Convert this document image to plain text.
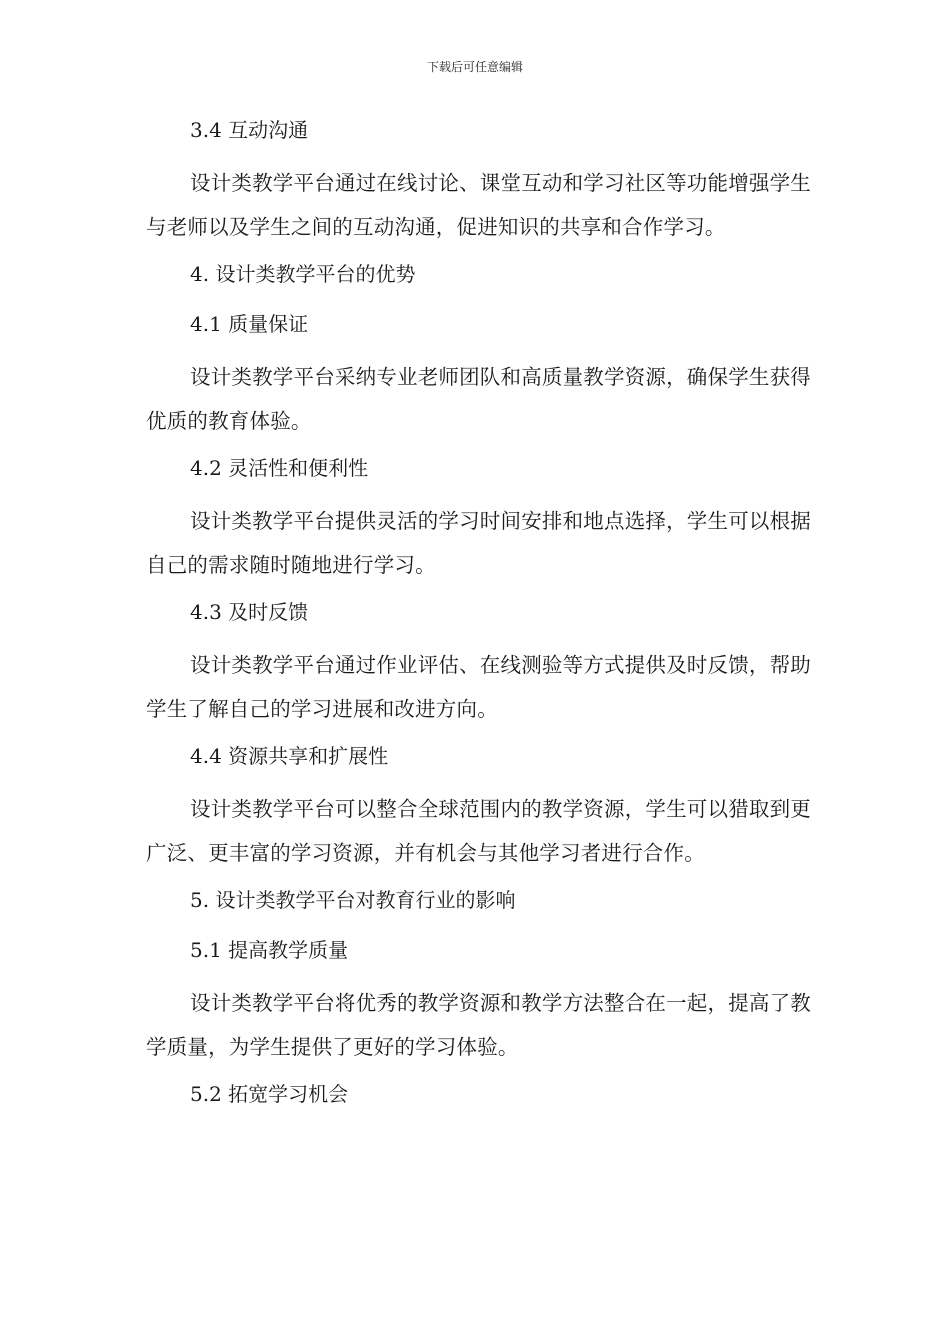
下载后可任意编辑
3.4 互动沟通
设计类教学平台通过在线讨论、课堂互动和学习社区等功能增强学生与老师以及学生之间的互动沟通，促进知识的共享和合作学习。
4. 设计类教学平台的优势
4.1 质量保证
设计类教学平台采纳专业老师团队和高质量教学资源，确保学生获得优质的教育体验。
4.2 灵活性和便利性
设计类教学平台提供灵活的学习时间安排和地点选择，学生可以根据自己的需求随时随地进行学习。
4.3 及时反馈
设计类教学平台通过作业评估、在线测验等方式提供及时反馈，帮助学生了解自己的学习进展和改进方向。
4.4 资源共享和扩展性
设计类教学平台可以整合全球范围内的教学资源，学生可以猎取到更广泛、更丰富的学习资源，并有机会与其他学习者进行合作。
5. 设计类教学平台对教育行业的影响
5.1 提高教学质量
设计类教学平台将优秀的教学资源和教学方法整合在一起，提高了教学质量，为学生提供了更好的学习体验。
5.2 拓宽学习机会
